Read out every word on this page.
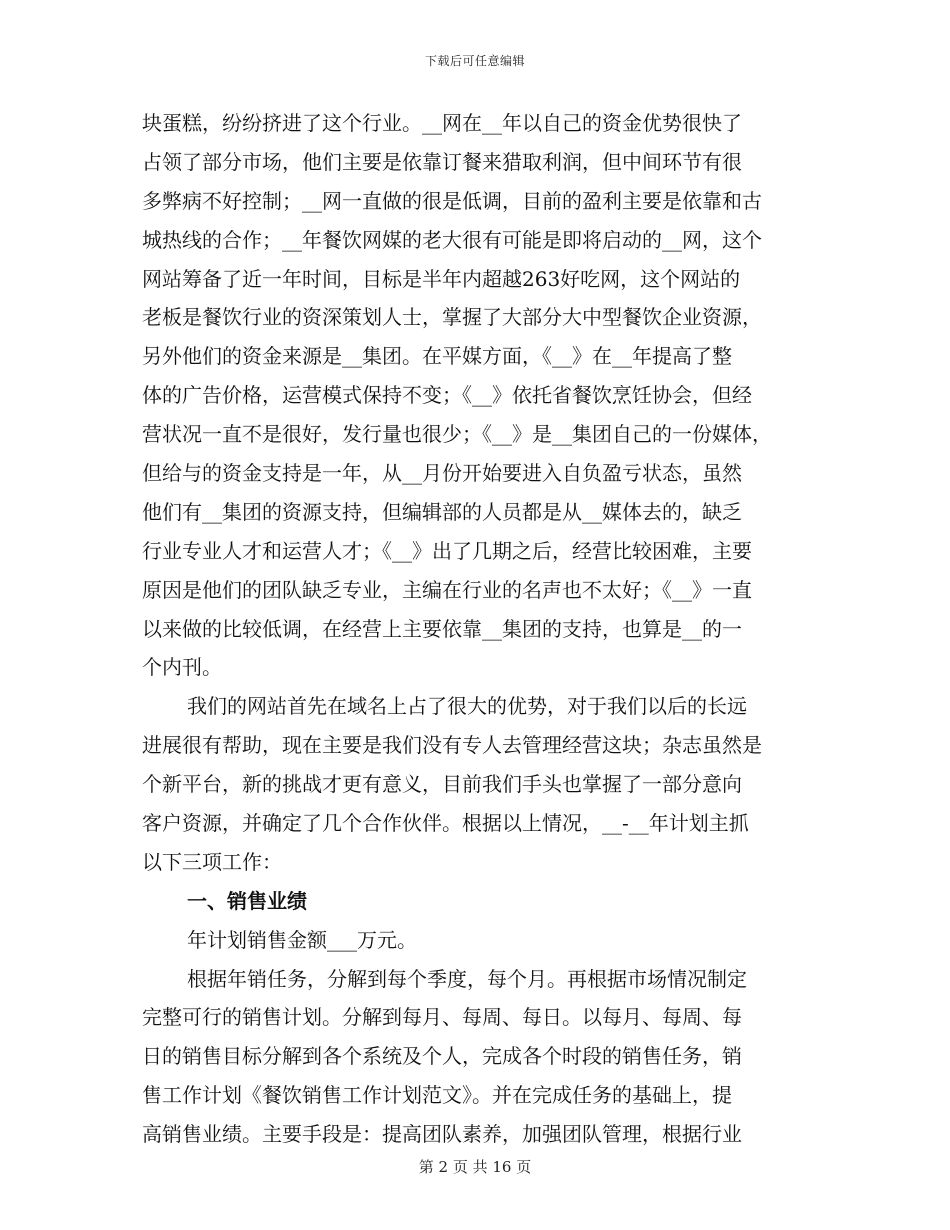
下载后可任意编辑
块蛋糕，纷纷挤进了这个行业。__网在__年以自己的资金优势很快了
占领了部分市场，他们主要是依靠订餐来猎取利润，但中间环节有很
多弊病不好控制；__网一直做的很是低调，目前的盈利主要是依靠和古
城热线的合作；__年餐饮网媒的老大很有可能是即将启动的__网，这个
网站筹备了近一年时间，目标是半年内超越263好吃网，这个网站的
老板是餐饮行业的资深策划人士，掌握了大部分大中型餐饮企业资源，
另外他们的资金来源是__集团。在平媒方面，《__》在__年提高了整
体的广告价格，运营模式保持不变；《__》依托省餐饮烹饪协会，但经
营状况一直不是很好，发行量也很少；《__》是__集团自己的一份媒体，
但给与的资金支持是一年，从__月份开始要进入自负盈亏状态，虽然
他们有__集团的资源支持，但编辑部的人员都是从__媒体去的，缺乏
行业专业人才和运营人才；《__》出了几期之后，经营比较困难，主要
原因是他们的团队缺乏专业，主编在行业的名声也不太好；《__》一直
以来做的比较低调，在经营上主要依靠__集团的支持，也算是__的一
个内刊。
我们的网站首先在域名上占了很大的优势，对于我们以后的长远
进展很有帮助，现在主要是我们没有专人去管理经营这块；杂志虽然是
个新平台，新的挑战才更有意义，目前我们手头也掌握了一部分意向
客户资源，并确定了几个合作伙伴。根据以上情况，__-__年计划主抓
以下三项工作：
一、销售业绩
年计划销售金额___万元。
根据年销任务，分解到每个季度，每个月。再根据市场情况制定
完整可行的销售计划。分解到每月、每周、每日。以每月、每周、每
日的销售目标分解到各个系统及个人，完成各个时段的销售任务，销
售工作计划《餐饮销售工作计划范文》。并在完成任务的基础上，提
高销售业绩。主要手段是：提高团队素养，加强团队管理，根据行业
第 2 页 共 16 页
